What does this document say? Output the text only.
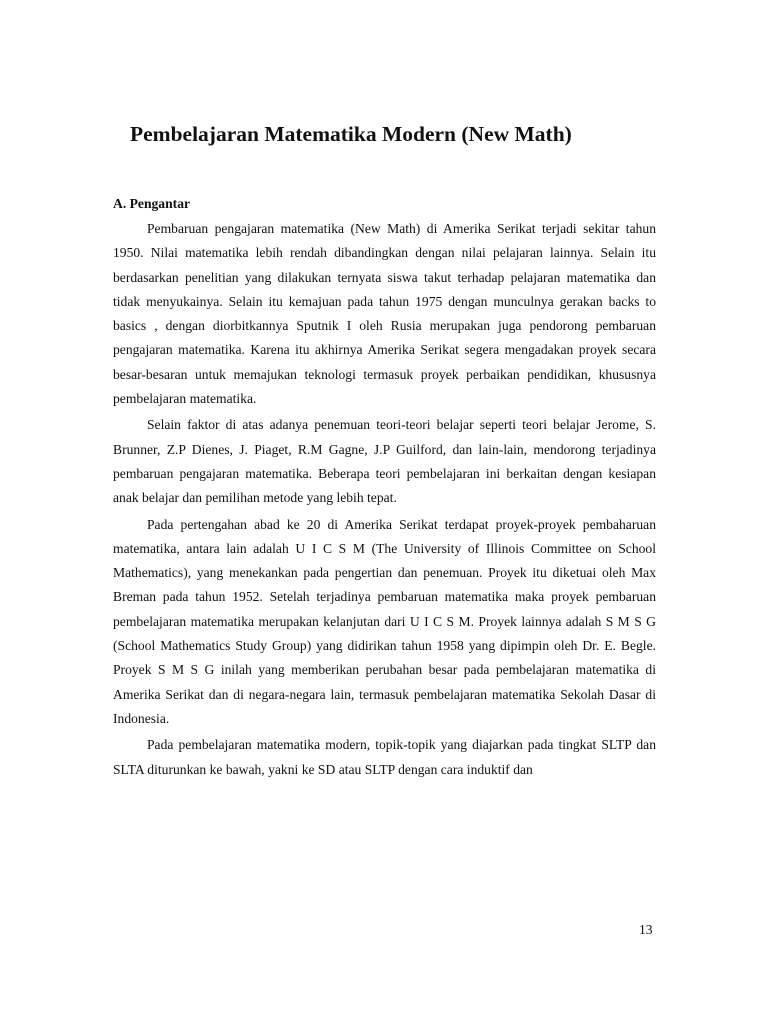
Pembelajaran Matematika Modern (New Math)
A. Pengantar

Pembaruan pengajaran matematika (New Math) di Amerika Serikat terjadi sekitar tahun 1950. Nilai matematika lebih rendah dibandingkan dengan nilai pelajaran lainnya. Selain itu berdasarkan penelitian yang dilakukan ternyata siswa takut terhadap pelajaran matematika dan tidak menyukainya. Selain itu kemajuan pada tahun 1975 dengan munculnya gerakan backs to basics , dengan diorbitkannya Sputnik I oleh Rusia merupakan juga pendorong pembaruan pengajaran matematika. Karena itu akhirnya Amerika Serikat segera mengadakan proyek secara besar-besaran untuk memajukan teknologi termasuk proyek perbaikan pendidikan, khususnya pembelajaran matematika.

Selain faktor di atas adanya penemuan teori-teori belajar seperti teori belajar Jerome, S. Brunner, Z.P Dienes, J. Piaget, R.M Gagne, J.P Guilford, dan lain-lain, mendorong terjadinya pembaruan pengajaran matematika. Beberapa teori pembelajaran ini berkaitan dengan kesiapan anak belajar dan pemilihan metode yang lebih tepat.

Pada pertengahan abad ke 20 di Amerika Serikat terdapat proyek-proyek pembaharuan matematika, antara lain adalah U I C S M (The University of Illinois Committee on School Mathematics), yang menekankan pada pengertian dan penemuan. Proyek itu diketuai oleh Max Breman pada tahun 1952. Setelah terjadinya pembaruan matematika maka proyek pembaruan pembelajaran matematika merupakan kelanjutan dari U I C S M. Proyek lainnya adalah S M S G (School Mathematics Study Group) yang didirikan tahun 1958 yang dipimpin oleh Dr. E. Begle. Proyek S M S G inilah yang memberikan perubahan besar pada pembelajaran matematika di Amerika Serikat dan di negara-negara lain, termasuk pembelajaran matematika Sekolah Dasar di Indonesia.

Pada pembelajaran matematika modern, topik-topik yang diajarkan pada tingkat SLTP dan SLTA diturunkan ke bawah, yakni ke SD atau SLTP dengan cara induktif dan

13
